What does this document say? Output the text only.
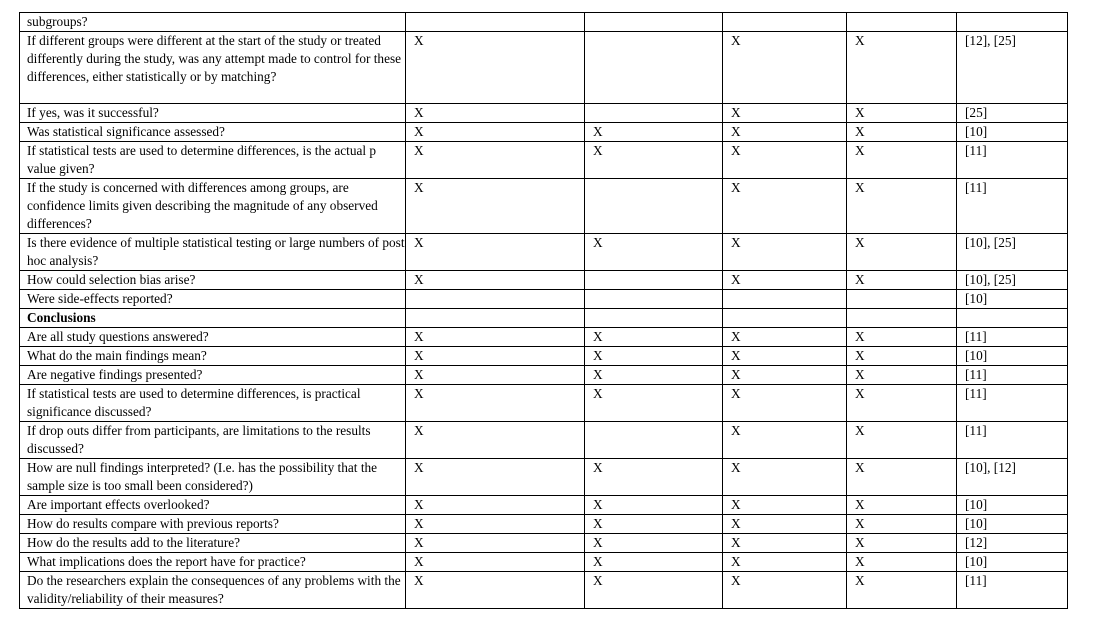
subgroups?					
If different groups were different at the start of the study or treated differently during the study, was any attempt made to control for these differences, either statistically or by matching?	X		X	X	[12], [25]
If yes, was it successful?	X		X	X	[25]
Was statistical significance assessed?	X	X	X	X	[10]
If statistical tests are used to determine differences, is the actual p value given?	X	X	X	X	[11]
If the study is concerned with differences among groups, are confidence limits given describing the magnitude of any observed differences?	X		X	X	[11]
Is there evidence of multiple statistical testing or large numbers of post hoc analysis?	X	X	X	X	[10], [25]
How could selection bias arise?	X		X	X	[10], [25]
Were side-effects reported?					[10]
Conclusions					
Are all study questions answered?	X	X	X	X	[11]
What do the main findings mean?	X	X	X	X	[10]
Are negative findings presented?	X	X	X	X	[11]
If statistical tests are used to determine differences, is practical significance discussed?	X	X	X	X	[11]
If drop outs differ from participants, are limitations to the results discussed?	X		X	X	[11]
How are null findings interpreted? (I.e. has the possibility that the sample size is too small been considered?)	X	X	X	X	[10], [12]
Are important effects overlooked?	X	X	X	X	[10]
How do results compare with previous reports?	X	X	X	X	[10]
How do the results add to the literature?	X	X	X	X	[12]
What implications does the report have for practice?	X	X	X	X	[10]
Do the researchers explain the consequences of any problems with the validity/reliability of their measures?	X	X	X	X	[11]
